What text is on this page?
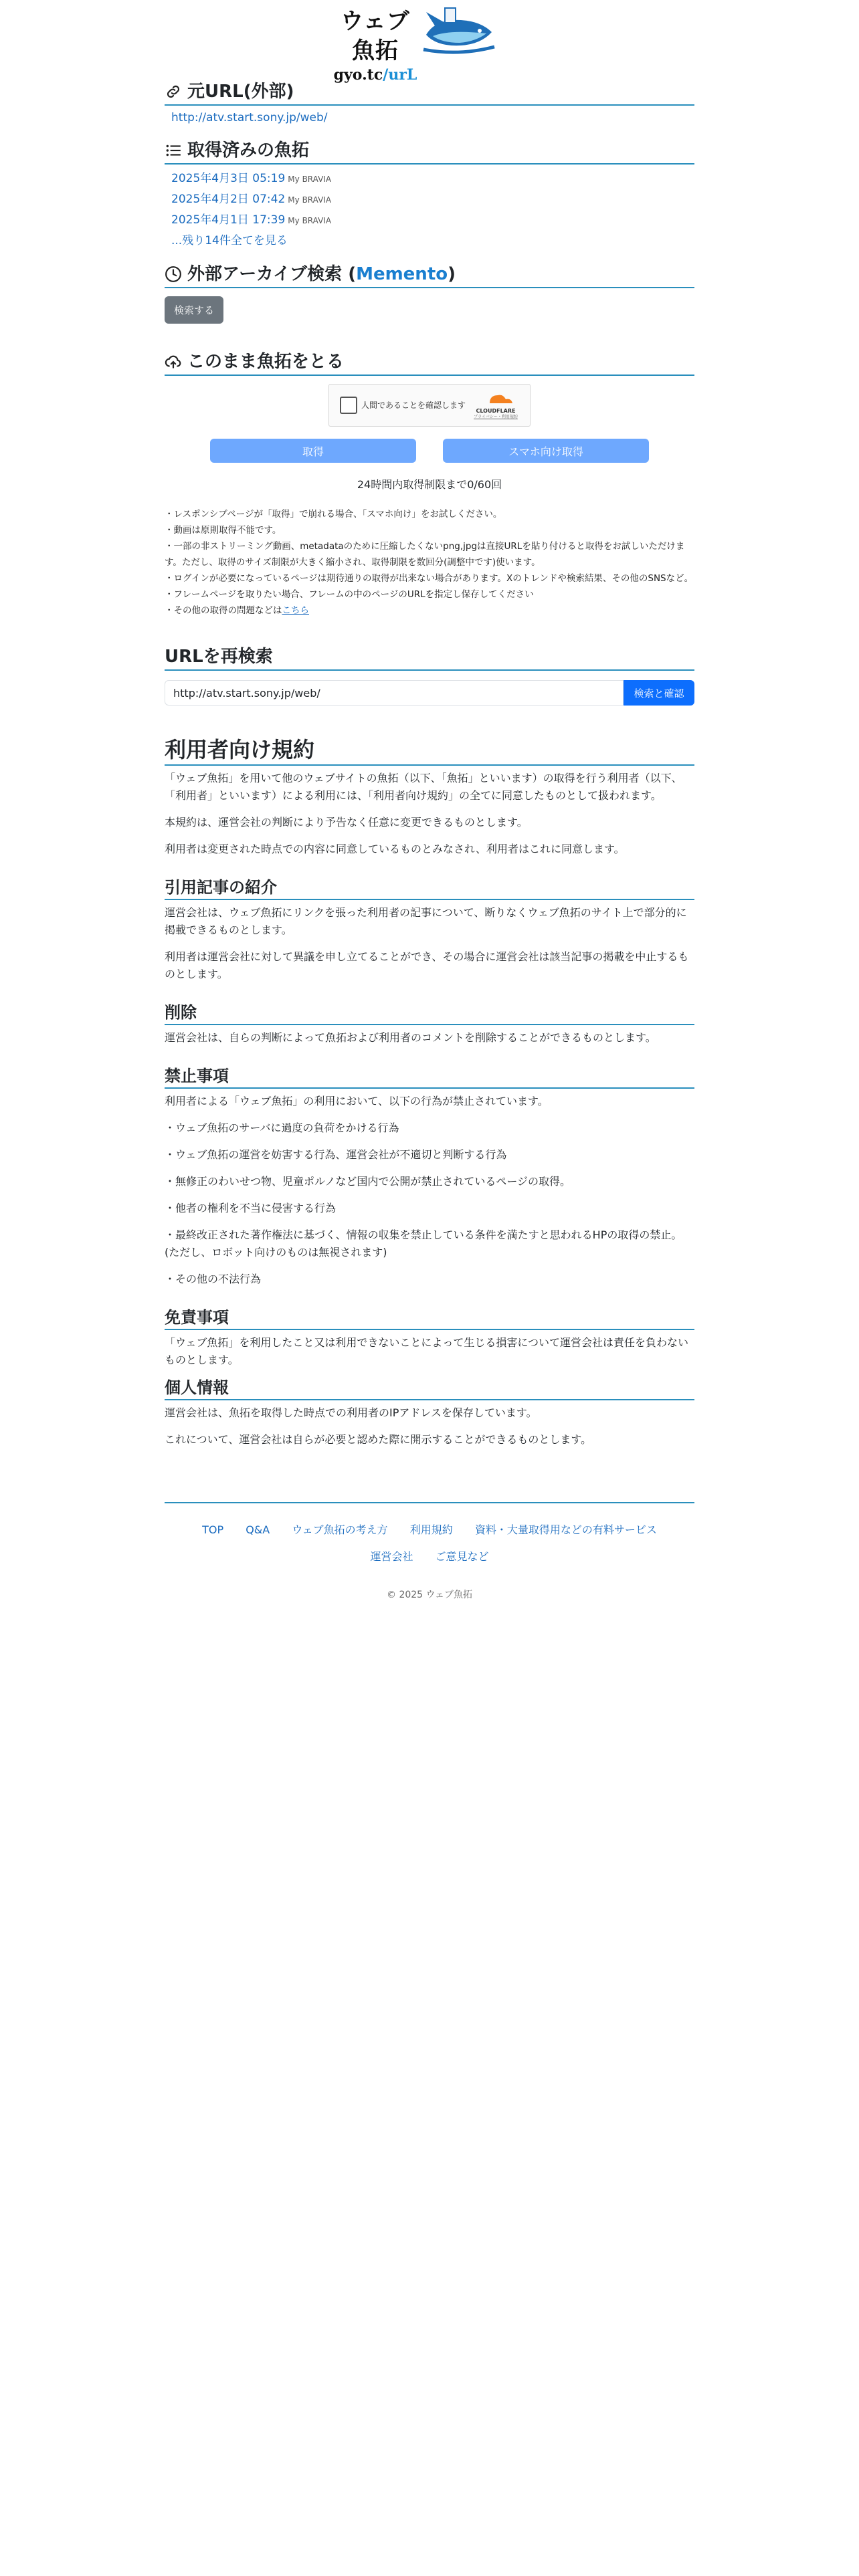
ウェブ魚拓
gyo.tc/urL
元URL(外部)
http://atv.start.sony.jp/web/
取得済みの魚拓
2025年4月3日 05:19 My BRAVIA
2025年4月2日 07:42 My BRAVIA
2025年4月1日 17:39 My BRAVIA
...残り14件全てを見る
外部アーカイブ検索 ( Memento )
検索する
このまま魚拓をとる
人間であることを確認します
CLOUDFLARE
プライバシー・利用規約
取得	スマホ向け取得
24時間内取得制限まで0/60回
・レスポンシブページが「取得」で崩れる場合、「スマホ向け」をお試しください。
・動画は原則取得不能です。
・一部の非ストリーミング動画、metadataのために圧縮したくないpng,jpgは直接URLを貼り付けると取得をお試しいただけます。ただし、取得のサイズ制限が大きく縮小され、取得制限を数回分(調整中です)使います。
・ログインが必要になっているページは期待通りの取得が出来ない場合があります。Xのトレンドや検索結果、その他のSNSなど。
・フレームページを取りたい場合、フレームの中のページのURLを指定し保存してください
・その他の取得の問題などはこちら
URLを再検索
http://atv.start.sony.jp/web/
検索と確認
利用者向け規約

「ウェブ魚拓」を用いて他のウェブサイトの魚拓（以下、「魚拓」といいます）の取得を行う利用者（以下、「利用者」といいます）による利用には、「利用者向け規約」の全てに同意したものとして扱われます。

本規約は、運営会社の判断により予告なく任意に変更できるものとします。

利用者は変更された時点での内容に同意しているものとみなされ、利用者はこれに同意します。

引用記事の紹介

運営会社は、ウェブ魚拓にリンクを張った利用者の記事について、断りなくウェブ魚拓のサイト上で部分的に掲載できるものとします。

利用者は運営会社に対して異議を申し立てることができ、その場合に運営会社は該当記事の掲載を中止するものとします。

削除

運営会社は、自らの判断によって魚拓および利用者のコメントを削除することができるものとします。

禁止事項

利用者による「ウェブ魚拓」の利用において、以下の行為が禁止されています。

・ウェブ魚拓のサーバに過度の負荷をかける行為

・ウェブ魚拓の運営を妨害する行為、運営会社が不適切と判断する行為

・無修正のわいせつ物、児童ポルノなど国内で公開が禁止されているページの取得。

・他者の権利を不当に侵害する行為

・最終改正された著作権法に基づく、情報の収集を禁止している条件を満たすと思われるHPの取得の禁止。(ただし、ロボット向けのものは無視されます)

・その他の不法行為

免責事項

「ウェブ魚拓」を利用したこと又は利用できないことによって生じる損害について運営会社は責任を負わないものとします。

個人情報

運営会社は、魚拓を取得した時点での利用者のIPアドレスを保存しています。

これについて、運営会社は自らが必要と認めた際に開示することができるものとします。

TOP Q&A ウェブ魚拓の考え方 利用規約 資料・大量取得用などの有料サービス
運営会社 ご意見など
© 2025 ウェブ魚拓
